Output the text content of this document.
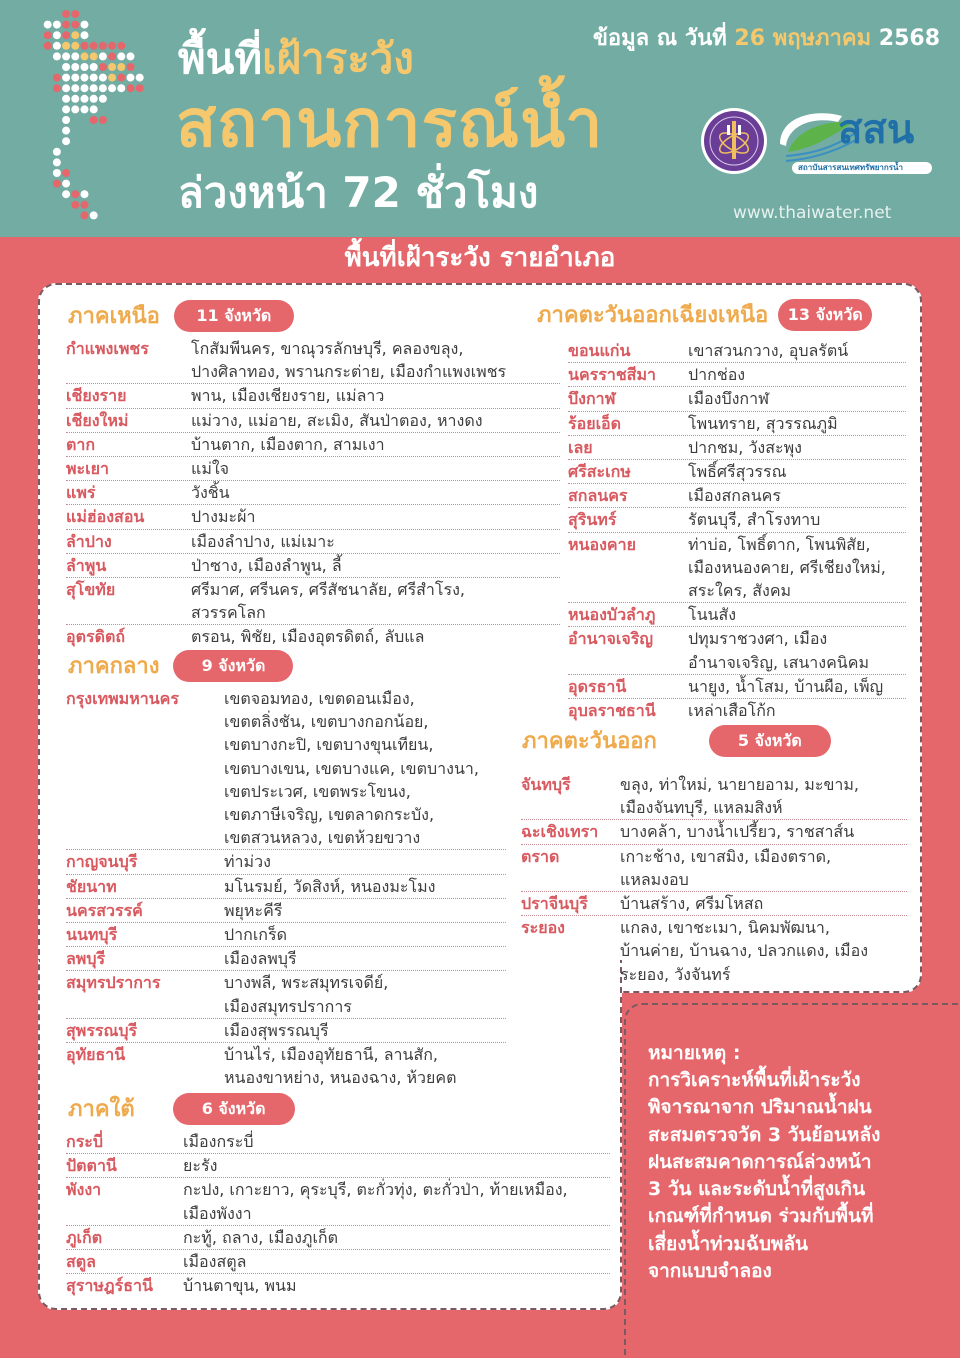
พื้นที่เฝ้าระวัง
สถานการณ์น้ำ
ล่วงหน้า 72 ชั่วโมง
ข้อมูล ณ วันที่ 26 พฤษภาคม 2568
สสน
สถาบันสารสนเทศทรัพยากรน้ำ
www.thaiwater.net
พื้นที่เฝ้าระวัง รายอำเภอ
หมายเหตุ :
การวิเคราะห์พื้นที่เฝ้าระวัง
พิจารณาจาก ปริมาณน้ำฝน
สะสมตรวจวัด 3 วันย้อนหลัง
ฝนสะสมคาดการณ์ล่วงหน้า
3 วัน และระดับน้ำที่สูงเกิน
เกณฑ์ที่กำหนด ร่วมกับพื้นที่
เสี่ยงน้ำท่วมฉับพลัน
จากแบบจำลอง
ภาคเหนือ	11 จังหวัด
ภาคกลาง	9 จังหวัด
ภาคใต้	6 จังหวัด
ภาคตะวันออกเฉียงเหนือ	13 จังหวัด
ภาคตะวันออก	5 จังหวัด
กำแพงเพชร	โกสัมพีนคร, ขาณุวรลักษบุรี, คลองขลุง,
ปางศิลาทอง, พรานกระต่าย, เมืองกำแพงเพชร
เชียงราย	พาน, เมืองเชียงราย, แม่ลาว
เชียงใหม่	แม่วาง, แม่อาย, สะเมิง, สันป่าตอง, หางดง
ตาก	บ้านตาก, เมืองตาก, สามเงา
พะเยา	แม่ใจ
แพร่	วังชิ้น
แม่ฮ่องสอน	ปางมะผ้า
ลำปาง	เมืองลำปาง, แม่เมาะ
ลำพูน	ป่าซาง, เมืองลำพูน, ลี้
สุโขทัย	ศรีมาศ, ศรีนคร, ศรีสัชนาลัย, ศรีสำโรง,
สวรรคโลก
อุตรดิตถ์	ตรอน, พิชัย, เมืองอุตรดิตถ์, ลับแล
กรุงเทพมหานคร	เขตจอมทอง, เขตดอนเมือง,
เขตตลิ่งชัน, เขตบางกอกน้อย,
เขตบางกะปิ, เขตบางขุนเทียน,
เขตบางเขน, เขตบางแค, เขตบางนา,
เขตประเวศ, เขตพระโขนง,
เขตภาษีเจริญ, เขตลาดกระบัง,
เขตสวนหลวง, เขตห้วยขวาง
กาญจนบุรี	ท่าม่วง
ชัยนาท	มโนรมย์, วัดสิงห์, หนองมะโมง
นครสวรรค์	พยุหะคีรี
นนทบุรี	ปากเกร็ด
ลพบุรี	เมืองลพบุรี
สมุทรปราการ	บางพลี, พระสมุทรเจดีย์,
เมืองสมุทรปราการ
สุพรรณบุรี	เมืองสุพรรณบุรี
อุทัยธานี	บ้านไร่, เมืองอุทัยธานี, ลานสัก,
หนองขาหย่าง, หนองฉาง, ห้วยคต
กระบี่	เมืองกระบี่
ปัตตานี	ยะรัง
พังงา	กะปง, เกาะยาว, คุระบุรี, ตะกั่วทุ่ง, ตะกั่วป่า, ท้ายเหมือง,
เมืองพังงา
ภูเก็ต	กะทู้, ถลาง, เมืองภูเก็ต
สตูล	เมืองสตูล
สุราษฎร์ธานี	บ้านตาขุน, พนม
ขอนแก่น	เขาสวนกวาง, อุบลรัตน์
นครราชสีมา	ปากช่อง
บึงกาฬ	เมืองบึงกาฬ
ร้อยเอ็ด	โพนทราย, สุวรรณภูมิ
เลย	ปากชม, วังสะพุง
ศรีสะเกษ	โพธิ์ศรีสุวรรณ
สกลนคร	เมืองสกลนคร
สุรินทร์	รัตนบุรี, สำโรงทาบ
หนองคาย	ท่าบ่อ, โพธิ์ตาก, โพนพิสัย,
เมืองหนองคาย, ศรีเชียงใหม่,
สระใคร, สังคม
หนองบัวลำภู	โนนสัง
อำนาจเจริญ	ปทุมราชวงศา, เมือง
อำนาจเจริญ, เสนางคนิคม
อุดรธานี	นายูง, น้ำโสม, บ้านผือ, เพ็ญ
อุบลราชธานี	เหล่าเสือโก้ก
จันทบุรี	ขลุง, ท่าใหม่, นายายอาม, มะขาม,
เมืองจันทบุรี, แหลมสิงห์
ฉะเชิงเทรา	บางคล้า, บางน้ำเปรี้ยว, ราชสาส์น
ตราด	เกาะช้าง, เขาสมิง, เมืองตราด,
แหลมงอบ
ปราจีนบุรี	บ้านสร้าง, ศรีมโหสถ
ระยอง	แกลง, เขาชะเมา, นิคมพัฒนา,
บ้านค่าย, บ้านฉาง, ปลวกแดง, เมือง
ระยอง, วังจันทร์
